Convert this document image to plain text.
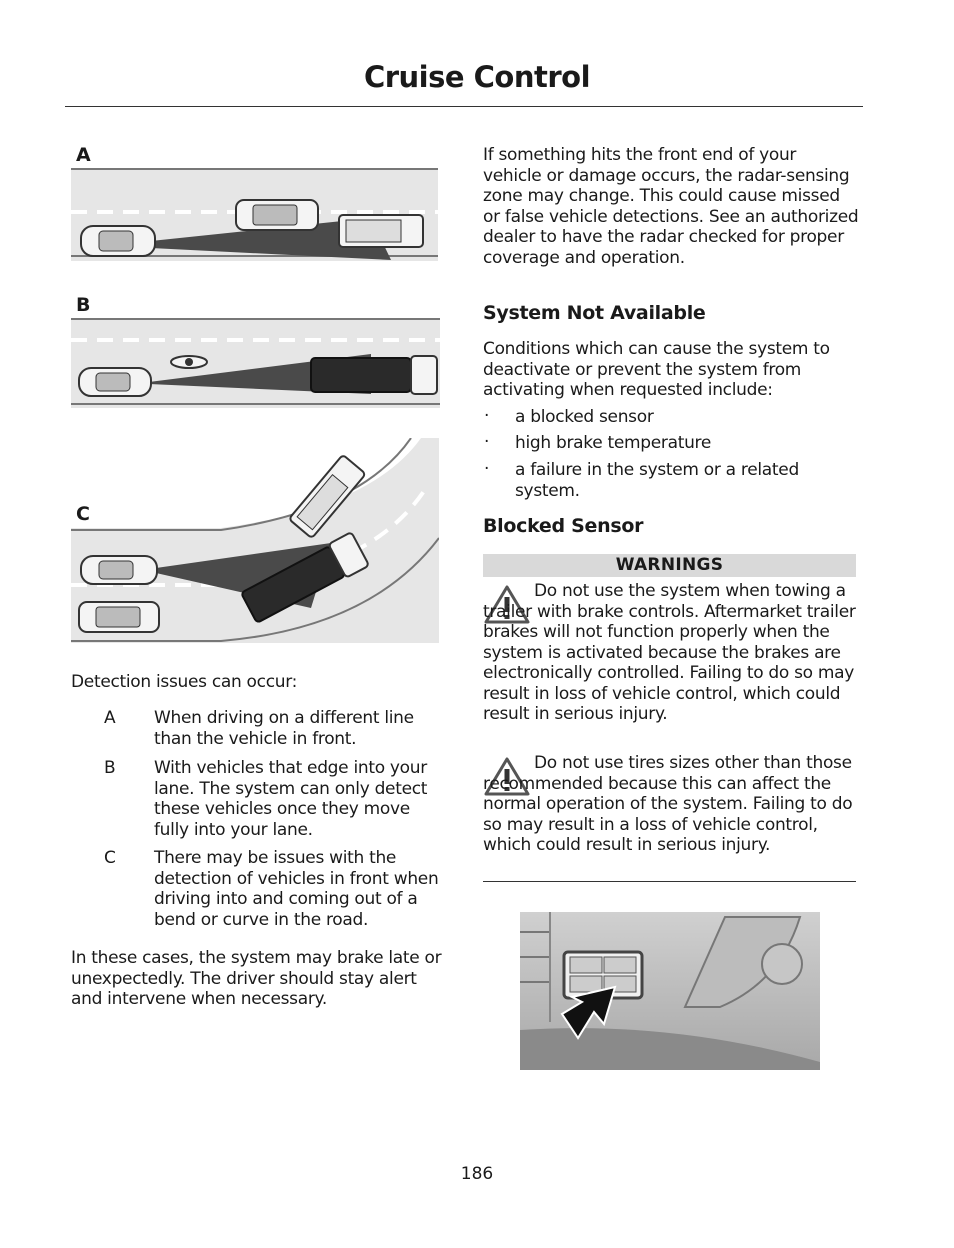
Cruise Control
A
B
C
Detection issues can occur:
A When driving on a different line than the vehicle in front.
B With vehicles that edge into your lane. The system can only detect these vehicles once they move fully into your lane.
C There may be issues with the detection of vehicles in front when driving into and coming out of a bend or curve in the road.
In these cases, the system may brake late or unexpectedly. The driver should stay alert and intervene when necessary.
If something hits the front end of your vehicle or damage occurs, the radar-sensing zone may change. This could cause missed or false vehicle detections. See an authorized dealer to have the radar checked for proper coverage and operation.
System Not Available
Conditions which can cause the system to deactivate or prevent the system from activating when requested include:
· a blocked sensor
· high brake temperature
· a failure in the system or a related system.
Blocked Sensor
WARNINGS
Do not use the system when towing a trailer with brake controls. Aftermarket trailer brakes will not function properly when the system is activated because the brakes are electronically controlled. Failing to do so may result in loss of vehicle control, which could result in serious injury.
Do not use tires sizes other than those recommended because this can affect the normal operation of the system. Failing to do so may result in a loss of vehicle control, which could result in serious injury.
186
